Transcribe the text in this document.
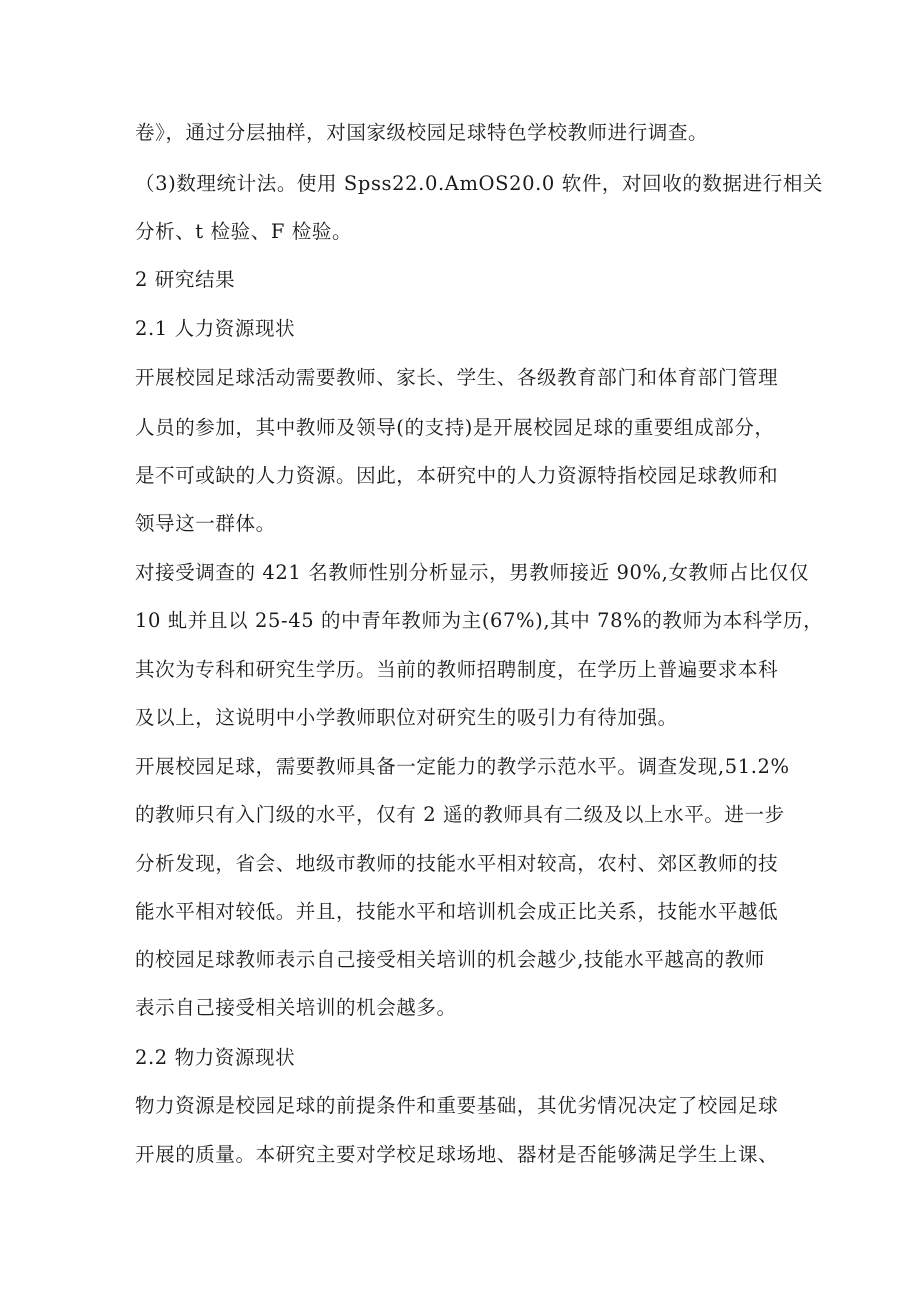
卷》，通过分层抽样，对国家级校园足球特色学校教师进行调查。
（3)数理统计法。使用 Spss22.0.AmOS20.0 软件，对回收的数据进行相关
分析、t 检验、F 检验。
2 研究结果
2.1 人力资源现状
开展校园足球活动需要教师、家长、学生、各级教育部门和体育部门管理
人员的参加，其中教师及领导(的支持)是开展校园足球的重要组成部分，
是不可或缺的人力资源。因此，本研究中的人力资源特指校园足球教师和
领导这一群体。
对接受调查的 421 名教师性别分析显示，男教师接近 90%,女教师占比仅仅
10 虬并且以 25-45 的中青年教师为主(67%),其中 78%的教师为本科学历，
其次为专科和研究生学历。当前的教师招聘制度，在学历上普遍要求本科
及以上，这说明中小学教师职位对研究生的吸引力有待加强。
开展校园足球，需要教师具备一定能力的教学示范水平。调查发现,51.2%
的教师只有入门级的水平，仅有 2 遥的教师具有二级及以上水平。进一步
分析发现，省会、地级市教师的技能水平相对较高，农村、郊区教师的技
能水平相对较低。并且，技能水平和培训机会成正比关系，技能水平越低
的校园足球教师表示自己接受相关培训的机会越少,技能水平越高的教师
表示自己接受相关培训的机会越多。
2.2 物力资源现状
物力资源是校园足球的前提条件和重要基础，其优劣情况决定了校园足球
开展的质量。本研究主要对学校足球场地、器材是否能够满足学生上课、
